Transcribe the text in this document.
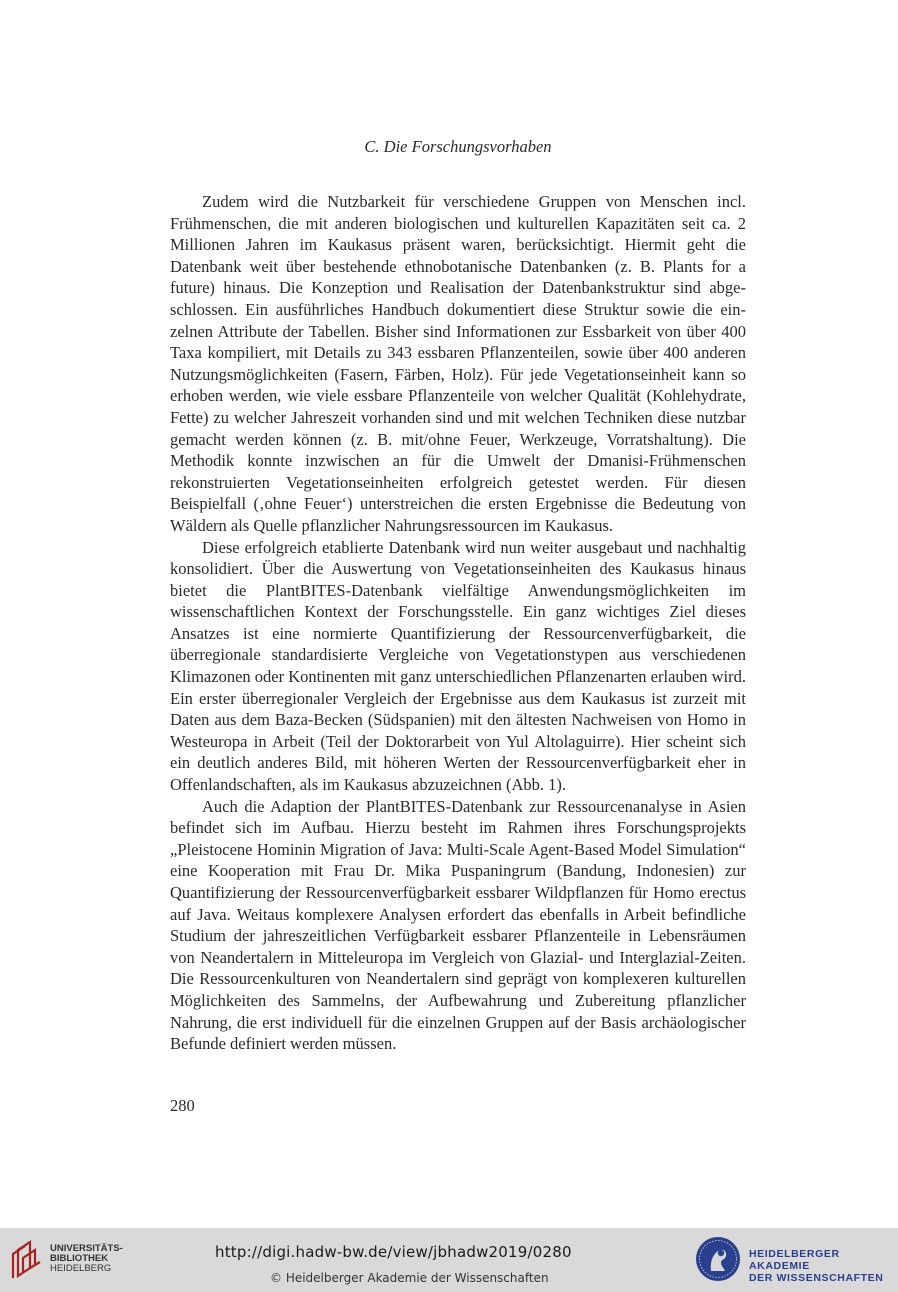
C. Die Forschungsvorhaben

Zudem wird die Nutzbarkeit für verschiedene Gruppen von Menschen incl. Frühmenschen, die mit anderen biologischen und kulturellen Kapazitäten seit ca. 2 Millionen Jahren im Kaukasus präsent waren, berücksichtigt. Hiermit geht die Datenbank weit über bestehende ethnobotanische Datenbanken (z. B. Plants for a future) hinaus. Die Konzeption und Realisation der Datenbankstruktur sind abgeschlossen. Ein ausführliches Handbuch dokumentiert diese Struktur sowie die einzelnen Attribute der Tabellen. Bisher sind Informationen zur Essbarkeit von über 400 Taxa kompiliert, mit Details zu 343 essbaren Pflanzenteilen, sowie über 400 anderen Nutzungsmöglichkeiten (Fasern, Färben, Holz). Für jede Vegetationseinheit kann so erhoben werden, wie viele essbare Pflanzenteile von welcher Qualität (Kohlehydrate, Fette) zu welcher Jahreszeit vorhanden sind und mit welchen Techniken diese nutzbar gemacht werden können (z. B. mit/ohne Feuer, Werkzeuge, Vorratshaltung). Die Methodik konnte inzwischen an für die Umwelt der Dmanisi-Frühmenschen rekonstruierten Vegetationseinheiten erfolgreich getestet werden. Für diesen Beispielfall (‚ohne Feuer‘) unterstreichen die ersten Ergebnisse die Bedeutung von Wäldern als Quelle pflanzlicher Nahrungsressourcen im Kaukasus.

Diese erfolgreich etablierte Datenbank wird nun weiter ausgebaut und nachhaltig konsolidiert. Über die Auswertung von Vegetationseinheiten des Kaukasus hinaus bietet die PlantBITES-Datenbank vielfältige Anwendungsmöglichkeiten im wissenschaftlichen Kontext der Forschungsstelle. Ein ganz wichtiges Ziel dieses Ansatzes ist eine normierte Quantifizierung der Ressourcenverfügbarkeit, die überregionale standardisierte Vergleiche von Vegetationstypen aus verschiedenen Klimazonen oder Kontinenten mit ganz unterschiedlichen Pflanzenarten erlauben wird. Ein erster überregionaler Vergleich der Ergebnisse aus dem Kaukasus ist zurzeit mit Daten aus dem Baza-Becken (Südspanien) mit den ältesten Nachweisen von Homo in Westeuropa in Arbeit (Teil der Doktorarbeit von Yul Altolaguirre). Hier scheint sich ein deutlich anderes Bild, mit höheren Werten der Ressourcenverfügbarkeit eher in Offenlandschaften, als im Kaukasus abzuzeichnen (Abb. 1).

Auch die Adaption der PlantBITES-Datenbank zur Ressourcenanalyse in Asien befindet sich im Aufbau. Hierzu besteht im Rahmen ihres Forschungsprojekts „Pleistocene Hominin Migration of Java: Multi-Scale Agent-Based Model Simulation“ eine Kooperation mit Frau Dr. Mika Puspaningrum (Bandung, Indonesien) zur Quantifizierung der Ressourcenverfügbarkeit essbarer Wildpflanzen für Homo erectus auf Java. Weitaus komplexere Analysen erfordert das ebenfalls in Arbeit befindliche Studium der jahreszeitlichen Verfügbarkeit essbarer Pflanzenteile in Lebensräumen von Neandertalern in Mitteleuropa im Vergleich von Glazial- und Interglazial-Zeiten. Die Ressourcenkulturen von Neandertalern sind geprägt von komplexeren kulturellen Möglichkeiten des Sammelns, der Aufbewahrung und Zubereitung pflanzlicher Nahrung, die erst individuell für die einzelnen Gruppen auf der Basis archäologischer Befunde definiert werden müssen.

280
UNIVERSITÄTS-
BIBLIOTHEK
HEIDELBERG
http://digi.hadw-bw.de/view/jbhadw2019/0280
© Heidelberger Akademie der Wissenschaften
HEIDELBERGER AKADEMIE
DER WISSENSCHAFTEN
